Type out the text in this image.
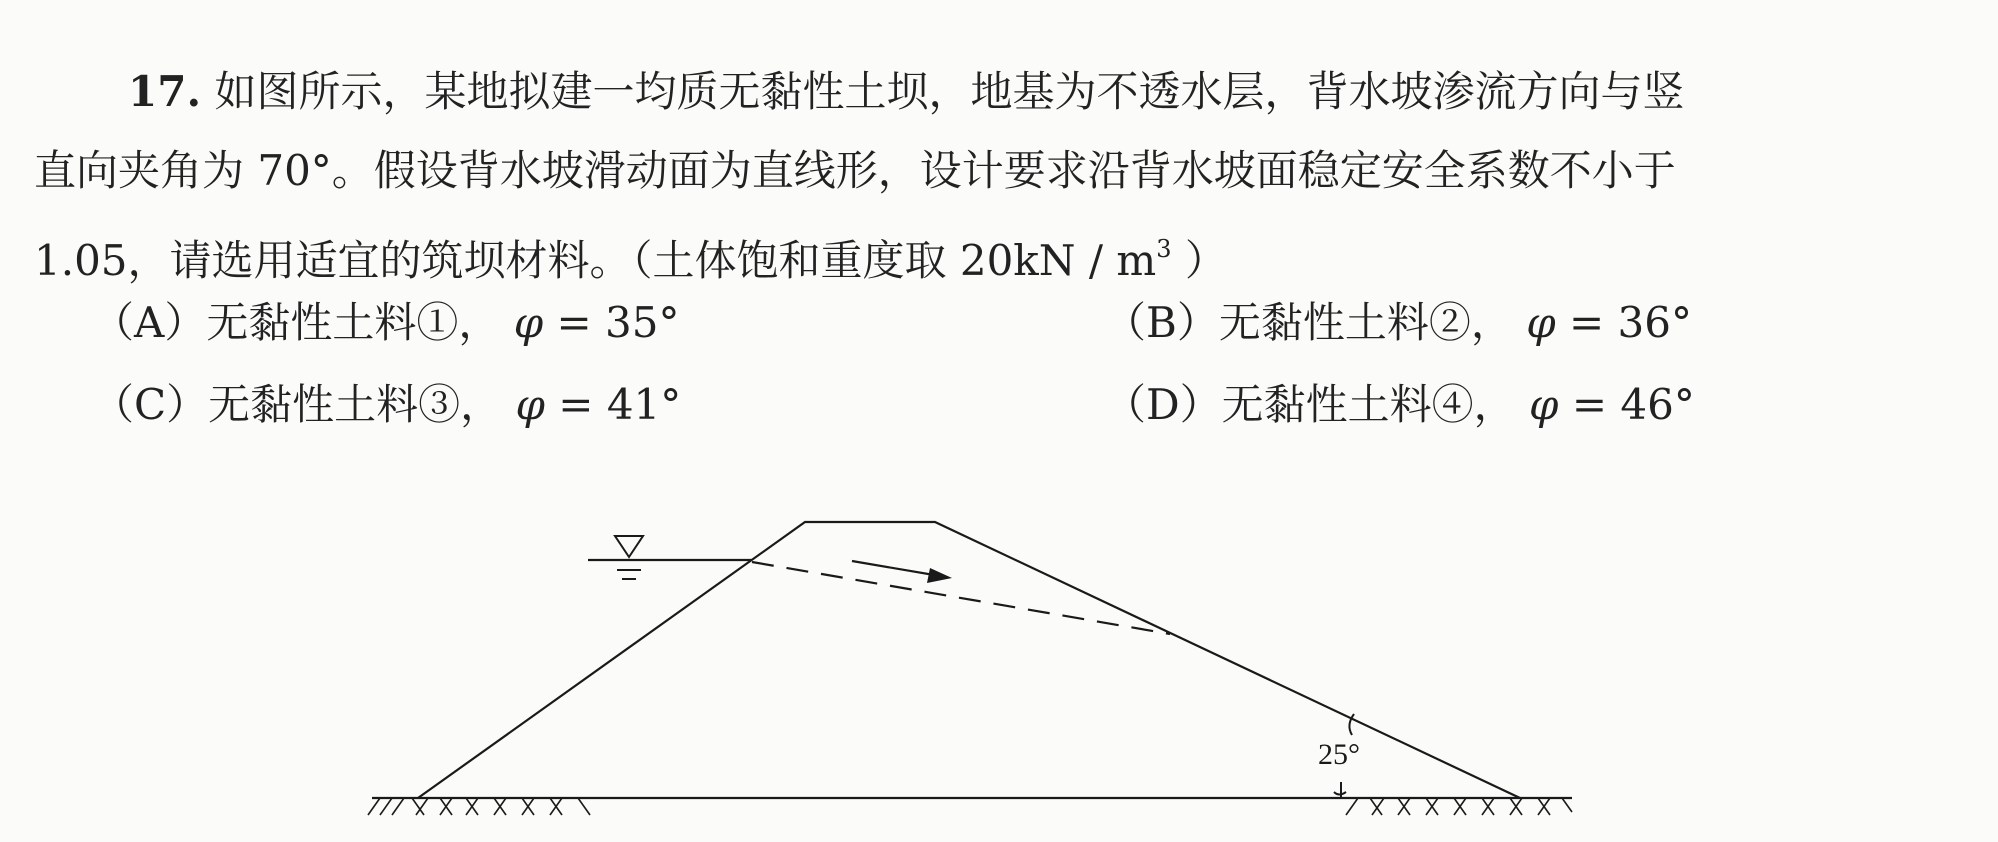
17. 如图所示，某地拟建一均质无黏性土坝，地基为不透水层，背水坡渗流方向与竖
直向夹角为 70°。假设背水坡滑动面为直线形，设计要求沿背水坡面稳定安全系数不小于
1.05，请选用适宜的筑坝材料。（土体饱和重度取 $20kN / m^3$ ）
（A）无黏性土料①， φ = 35°	（B）无黏性土料②， φ = 36°
（C）无黏性土料③， φ = 41°	（D）无黏性土料④， φ = 46°
25°
